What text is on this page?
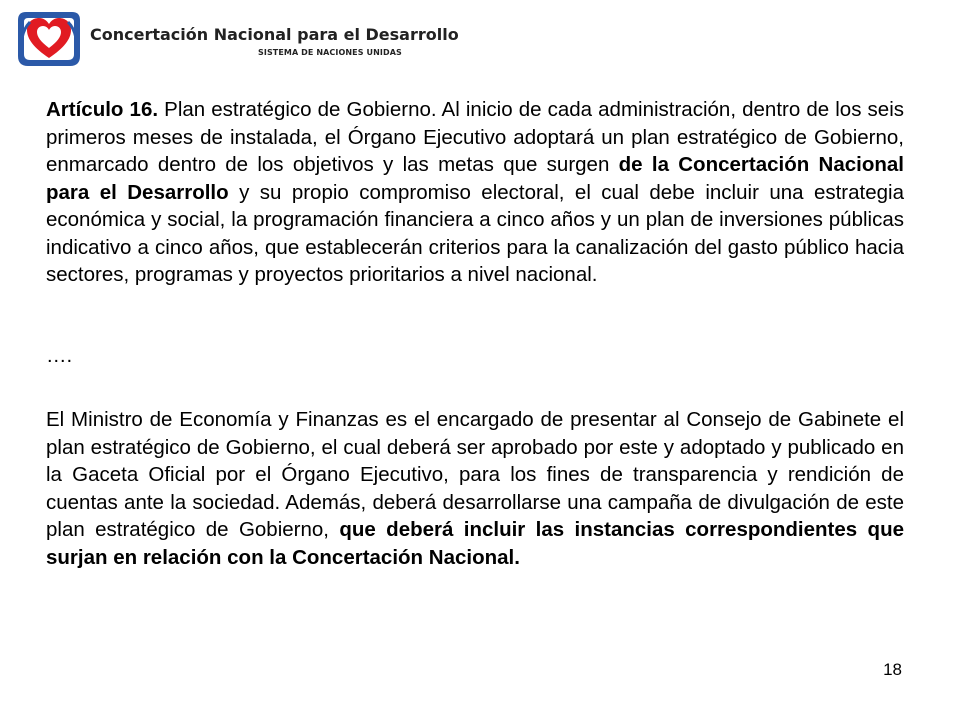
Concertación Nacional para el Desarrollo
SISTEMA DE NACIONES UNIDAS
Artículo 16. Plan estratégico de Gobierno. Al inicio de cada administración, dentro de los seis primeros meses de instalada, el Órgano Ejecutivo adoptará un plan estratégico de Gobierno, enmarcado dentro de los objetivos y las metas que surgen de la Concertación Nacional para el Desarrollo y su propio compromiso electoral, el cual debe incluir una estrategia económica y social, la programación financiera a cinco años y un plan de inversiones públicas indicativo a cinco años, que establecerán criterios para la canalización del gasto público hacia sectores, programas y proyectos prioritarios a nivel nacional.
….
El Ministro de Economía y Finanzas es el encargado de presentar al Consejo de Gabinete el plan estratégico de Gobierno, el cual deberá ser aprobado por este y adoptado y publicado en la Gaceta Oficial por el Órgano Ejecutivo, para los fines de transparencia y rendición de cuentas ante la sociedad. Además, deberá desarrollarse una campaña de divulgación de este plan estratégico de Gobierno, que deberá incluir las instancias correspondientes que surjan en relación con la Concertación Nacional.
18
